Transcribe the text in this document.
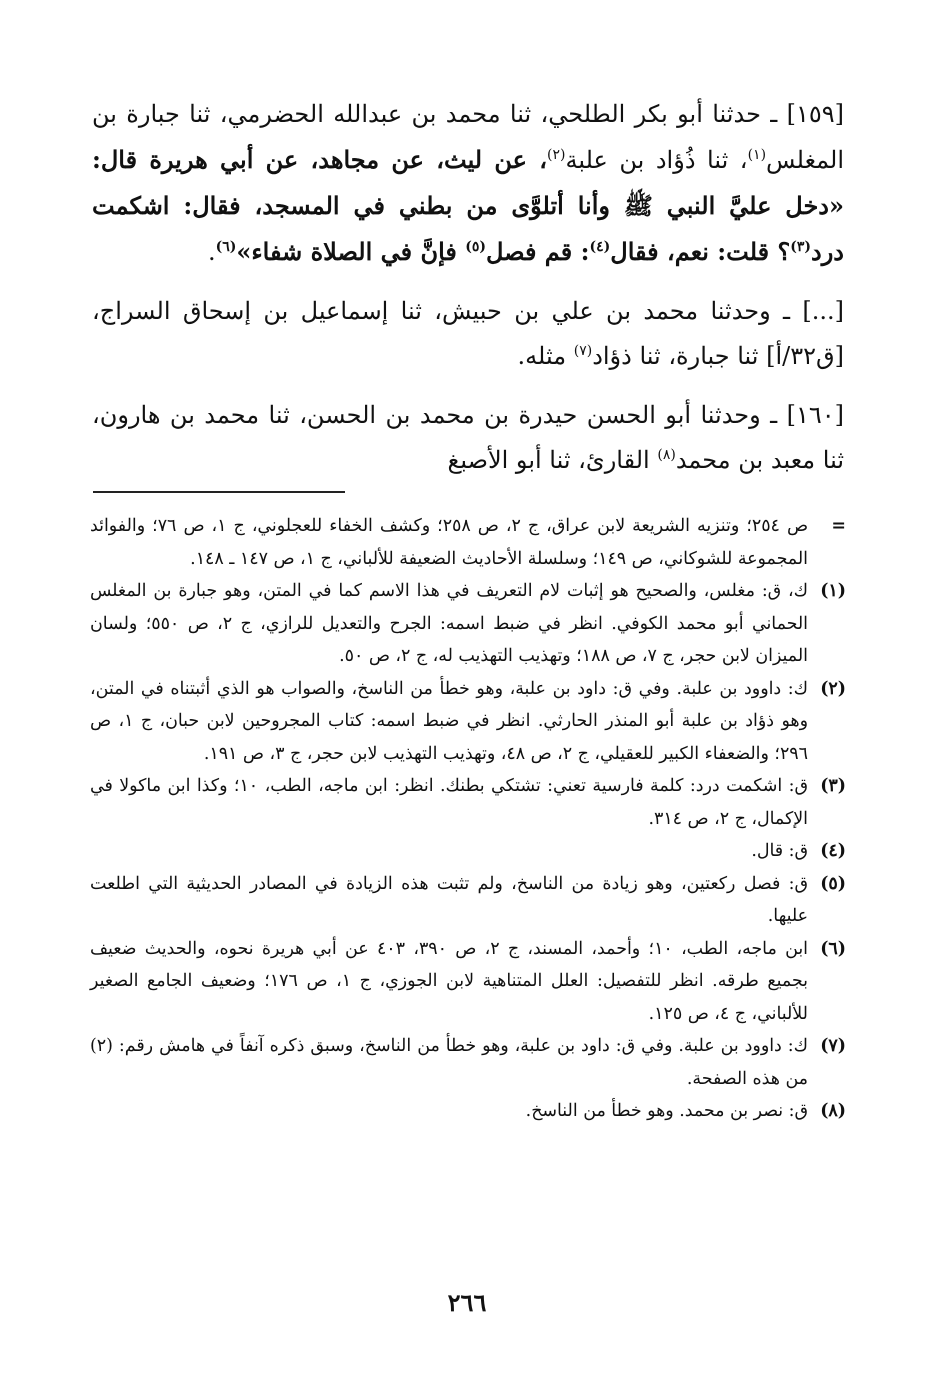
[١٥٩] ـ حدثنا أبو بكر الطلحي، ثنا محمد بن عبدالله الحضرمي، ثنا جبارة بن المغلس$^{(١)}$، ثنا ذُؤاد بن علبة$^{(٢)}$، عن ليث، عن مجاهد، عن أبي هريرة قال: «دخل عليَّ النبي ﷺ وأنا أتلوَّى من بطني في المسجد، فقال: اشكمت درد$^{(٣)}$؟ قلت: نعم، فقال$^{(٤)}$: قم فصل$^{(٥)}$ فإنَّ في الصلاة شفاء»$^{(٦)}$.

[...] ـ وحدثنا محمد بن علي بن حبيش، ثنا إسماعيل بن إسحاق السراج، [ق٣٢/أ] ثنا جبارة، ثنا ذؤاد$^{(٧)}$ مثله.

[١٦٠] ـ وحدثنا أبو الحسن حيدرة بن محمد بن الحسن، ثنا محمد بن هارون، ثنا معبد بن محمد$^{(٨)}$ القارئ، ثنا أبو الأصبغ

=
ص ٢٥٤؛ وتنزيه الشريعة لابن عراق، ج ٢، ص ٢٥٨؛ وكشف الخفاء للعجلوني، ج ١، ص ٧٦؛ والفوائد المجموعة للشوكاني، ص ١٤٩؛ وسلسلة الأحاديث الضعيفة للألباني، ج ١، ص ١٤٧ ـ ١٤٨.
(١)
ك، ق: مغلس، والصحيح هو إثبات لام التعريف في هذا الاسم كما في المتن، وهو جبارة بن المغلس الحماني أبو محمد الكوفي. انظر في ضبط اسمه: الجرح والتعديل للرازي، ج ٢، ص ٥٥٠؛ ولسان الميزان لابن حجر، ج ٧، ص ١٨٨؛ وتهذيب التهذيب له، ج ٢، ص ٥٠.
(٢)
ك: داوود بن علبة. وفي ق: داود بن علبة، وهو خطأ من الناسخ، والصواب هو الذي أثبتناه في المتن، وهو ذؤاد بن علبة أبو المنذر الحارثي. انظر في ضبط اسمه: كتاب المجروحين لابن حبان، ج ١، ص ٢٩٦؛ والضعفاء الكبير للعقيلي، ج ٢، ص ٤٨، وتهذيب التهذيب لابن حجر، ج ٣، ص ١٩١.
(٣)
ق: اشكمت درد: كلمة فارسية تعني: تشتكي بطنك. انظر: ابن ماجه، الطب، ١٠؛ وكذا ابن ماكولا في الإكمال، ج ٢، ص ٣١٤.
(٤)
ق: قال.
(٥)
ق: فصل ركعتين، وهو زيادة من الناسخ، ولم تثبت هذه الزيادة في المصادر الحديثية التي اطلعت عليها.
(٦)
ابن ماجه، الطب، ١٠؛ وأحمد، المسند، ج ٢، ص ٣٩٠، ٤٠٣ عن أبي هريرة نحوه، والحديث ضعيف بجميع طرقه. انظر للتفصيل: العلل المتناهية لابن الجوزي، ج ١، ص ١٧٦؛ وضعيف الجامع الصغير للألباني، ج ٤، ص ١٢٥.
(٧)
ك: داوود بن علبة. وفي ق: داود بن علبة، وهو خطأ من الناسخ، وسبق ذكره آنفاً في هامش رقم: (٢) من هذه الصفحة.
(٨)
ق: نصر بن محمد. وهو خطأ من الناسخ.
٢٦٦
